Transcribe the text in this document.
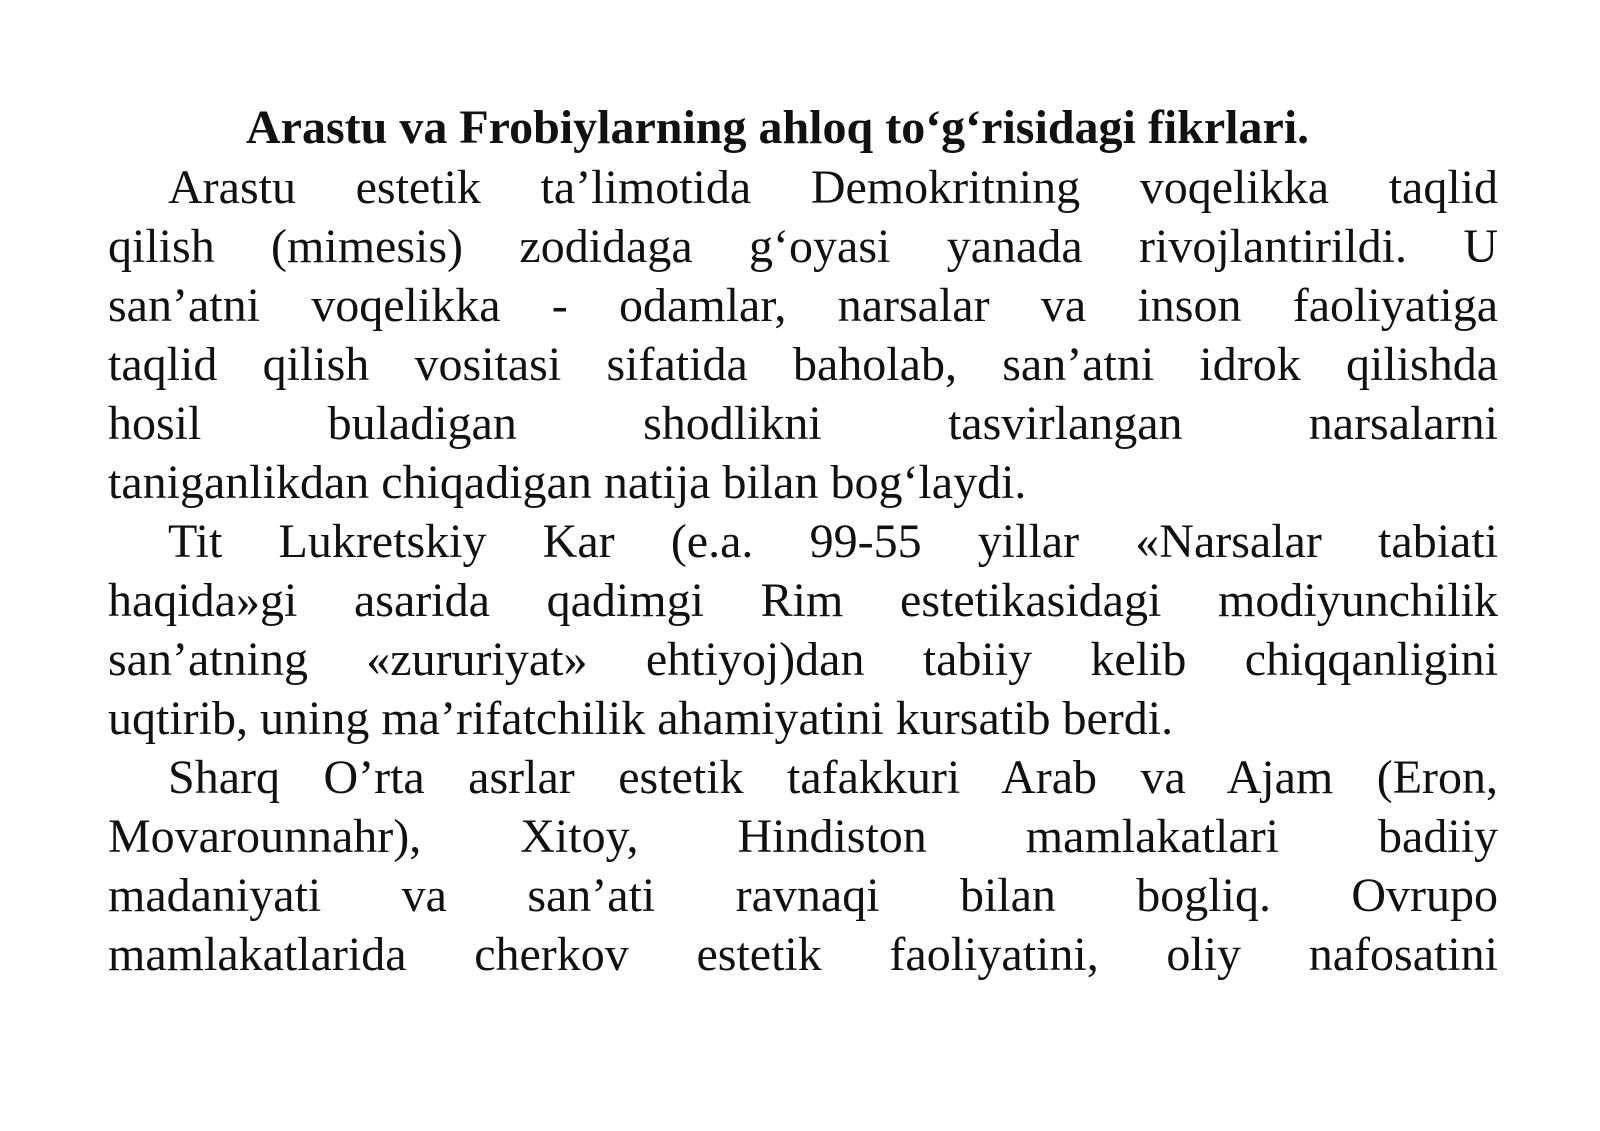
Arastu va Frobiylarning ahloq to‘g‘risidagi fikrlari.
Arastu estetik ta’limotida Demokritning voqelikka taqlid
qilish (mimesis) zodidaga g‘oyasi yanada rivojlantirildi. U
san’atni voqelikka - odamlar, narsalar va inson faoliyatiga
taqlid qilish vositasi sifatida baholab, san’atni idrok qilishda
hosil buladigan shodlikni tasvirlangan narsalarni
taniganlikdan chiqadigan natija bilan bog‘laydi.
Tit Lukretskiy Kar (e.a. 99-55 yillar «Narsalar tabiati
haqida»gi asarida qadimgi Rim estetikasidagi modiyunchilik
san’atning «zururiyat» ehtiyoj)dan tabiiy kelib chiqqanligini
uqtirib, uning ma’rifatchilik ahamiyatini kursatib berdi.
Sharq O’rta asrlar estetik tafakkuri Arab va Ajam (Eron,
Movarounnahr), Xitoy, Hindiston mamlakatlari badiiy
madaniyati va san’ati ravnaqi bilan bogliq. Ovrupo
mamlakatlarida cherkov estetik faoliyatini, oliy nafosatini
